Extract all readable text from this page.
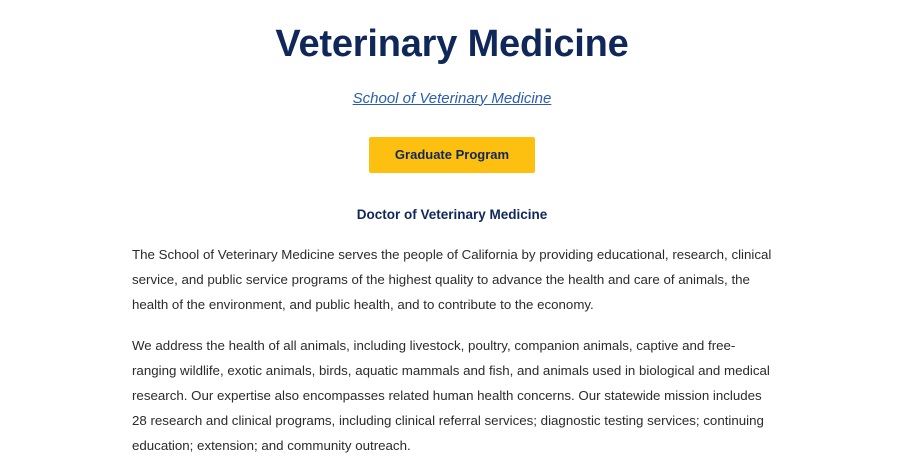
Veterinary Medicine
School of Veterinary Medicine
Graduate Program
Doctor of Veterinary Medicine

The School of Veterinary Medicine serves the people of California by providing educational, research, clinical service, and public service programs of the highest quality to advance the health and care of animals, the health of the environment, and public health, and to contribute to the economy.

We address the health of all animals, including livestock, poultry, companion animals, captive and free-ranging wildlife, exotic animals, birds, aquatic mammals and fish, and animals used in biological and medical research. Our expertise also encompasses related human health concerns. Our statewide mission includes 28 research and clinical programs, including clinical referral services; diagnostic testing services; continuing education; extension; and community outreach.
